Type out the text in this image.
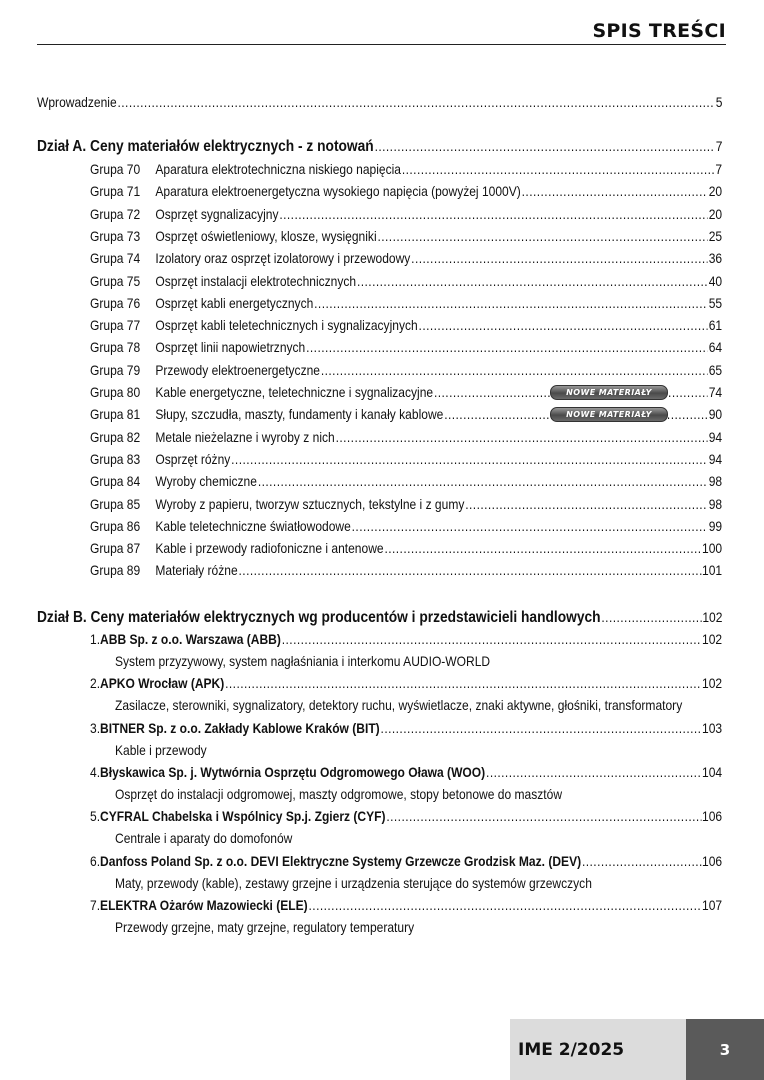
SPIS TREŚCI
Wprowadzenie .....	5
Dział A. Ceny materiałów elektrycznych - z notowań .....	7
Grupa 70	Aparatura elektrotechniczna niskiego napięcia .....	7
Grupa 71	Aparatura elektroenergetyczna wysokiego napięcia (powyżej 1000V) .....	20
Grupa 72	Osprzęt sygnalizacyjny .....	20
Grupa 73	Osprzęt oświetleniowy, klosze, wysięgniki .....	25
Grupa 74	Izolatory oraz osprzęt izolatorowy i przewodowy .....	36
Grupa 75	Osprzęt instalacji elektrotechnicznych .....	40
Grupa 76	Osprzęt kabli energetycznych .....	55
Grupa 77	Osprzęt kabli teletechnicznych i sygnalizacyjnych .....	61
Grupa 78	Osprzęt linii napowietrznych .....	64
Grupa 79	Przewody elektroenergetyczne .....	65
Grupa 80	Kable energetyczne, teletechniczne i sygnalizacyjne .....	74
NOWE MATERIAŁY
Grupa 81	Słupy, szczudła, maszty, fundamenty i kanały kablowe .....	90
NOWE MATERIAŁY
Grupa 82	Metale nieżelazne i wyroby z nich .....	94
Grupa 83	Osprzęt różny .....	94
Grupa 84	Wyroby chemiczne .....	98
Grupa 85	Wyroby z papieru, tworzyw sztucznych, tekstylne i z gumy .....	98
Grupa 86	Kable teletechniczne światłowodowe .....	99
Grupa 87	Kable i przewody radiofoniczne i antenowe .....	100
Grupa 89	Materiały różne .....	101
Dział B. Ceny materiałów elektrycznych wg producentów i przedstawicieli handlowych .....	102
1. ABB Sp. z o.o. Warszawa (ABB) .....	102
System przyzywowy, system nagłaśniania i interkomu AUDIO-WORLD
2. APKO Wrocław (APK) .....	102
Zasilacze, sterowniki, sygnalizatory, detektory ruchu, wyświetlacze, znaki aktywne, głośniki, transformatory
3. BITNER Sp. z o.o. Zakłady Kablowe Kraków (BIT) .....	103
Kable i przewody
4. Błyskawica Sp. j. Wytwórnia Osprzętu Odgromowego Oława (WOO) .....	104
Osprzęt do instalacji odgromowej, maszty odgromowe, stopy betonowe do masztów
5. CYFRAL Chabelska i Wspólnicy Sp.j. Zgierz (CYF) .....	106
Centrale i aparaty do domofonów
6. Danfoss Poland Sp. z o.o. DEVI Elektryczne Systemy Grzewcze Grodzisk Maz. (DEV) .....	106
Maty, przewody (kable), zestawy grzejne i urządzenia sterujące do systemów grzewczych
7. ELEKTRA Ożarów Mazowiecki (ELE) .....	107
Przewody grzejne, maty grzejne, regulatory temperatury
IME 2/2025	3
